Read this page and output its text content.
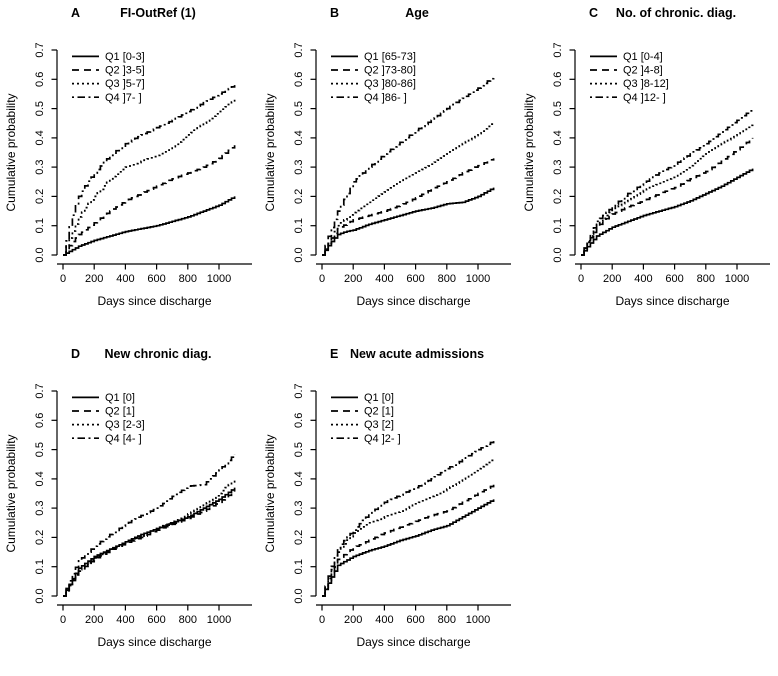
A	FI-OutRef (1)
0.0
0.1
0.2
0.3
0.4
0.5
0.6
0.7
0 200 400 600 800 1000
Cumulative probability
Days since discharge
Q1 [0-3]
Q2 ]3-5]
Q3 ]5-7]
Q4 ]7- ]
B	Age
0.0
0.1
0.2
0.3
0.4
0.5
0.6
0.7
0 200 400 600 800 1000
Cumulative probability
Days since discharge
Q1 [65-73]
Q2 ]73-80]
Q3 ]80-86]
Q4 ]86- ]
C No. of chronic. diag.
0.0
0.1
0.2
0.3
0.4
0.5
0.6
0.7
0 200 400 600 800 1000
Cumulative probability
Days since discharge
Q1 [0-4]
Q2 ]4-8]
Q3 ]8-12]
Q4 ]12- ]
D New chronic diag.
0.0
0.1
0.2
0.3
0.4
0.5
0.6
0.7
0 200 400 600 800 1000
Cumulative probability
Days since discharge
Q1 [0]
Q2 [1]
Q3 [2-3]
Q4 [4- ]
E New acute admissions
0.0
0.1
0.2
0.3
0.4
0.5
0.6
0.7
0 200 400 600 800 1000
Cumulative probability
Days since discharge
Q1 [0]
Q2 [1]
Q3 [2]
Q4 ]2- ]
